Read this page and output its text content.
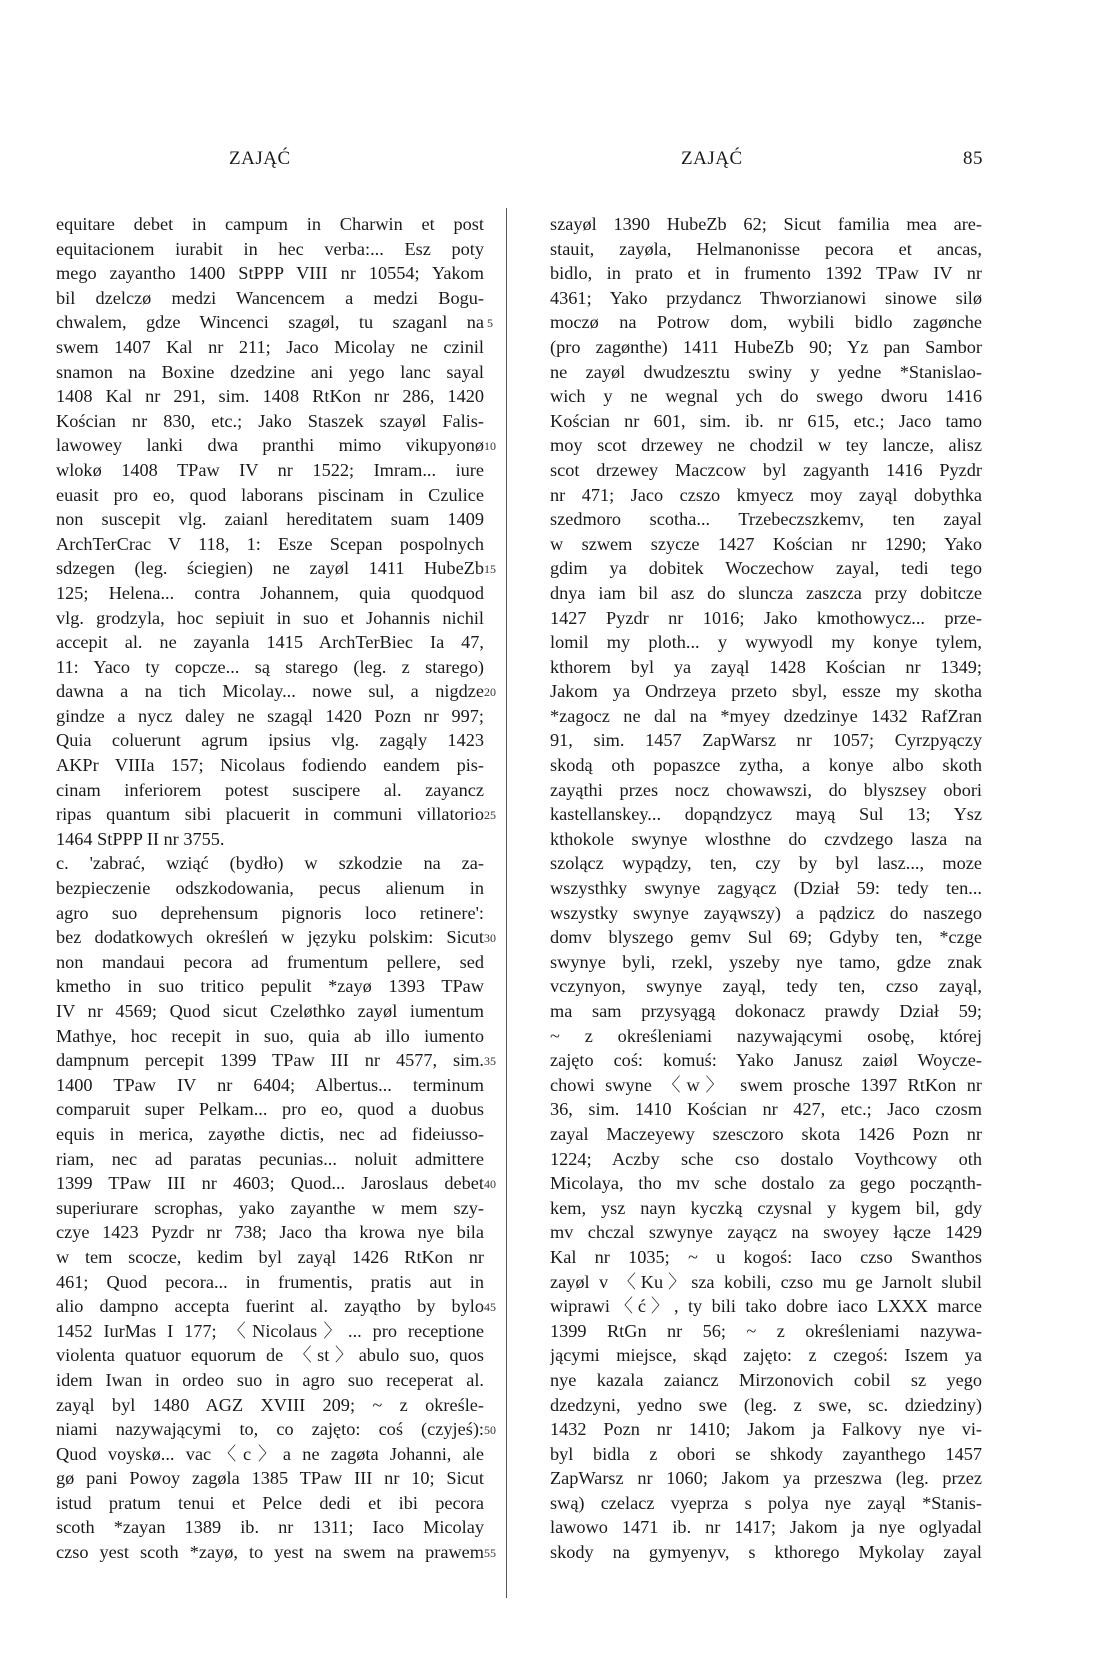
ZAJĄĆ	ZAJĄĆ	85

equitare debet in campum in Charwin et post

equitacionem iurabit in hec verba:... Esz poty

mego zayantho 1400 StPPP VIII nr 10554; Yakom

bil dzelczø medzi Wancencem a medzi Bogu-

chwalem, gdze Wincenci szagøl, tu szaganl na

swem 1407 Kal nr 211; Jaco Micolay ne czinil

snamon na Boxine dzedzine ani yego lanc sayal

1408 Kal nr 291, sim. 1408 RtKon nr 286, 1420

Kościan nr 830, etc.; Jako Staszek szayøl Falis-

lawowey lanki dwa pranthi mimo vikupyonø

wlokø 1408 TPaw IV nr 1522; Imram... iure

euasit pro eo, quod laborans piscinam in Czulice

non suscepit vlg. zaianl hereditatem suam 1409

ArchTerCrac V 118, 1: Esze Scepan pospolnych

sdzegen (leg. ściegien) ne zayøl 1411 HubeZb

125; Helena... contra Johannem, quia quodquod

vlg. grodzyla, hoc sepiuit in suo et Johannis nichil

accepit al. ne zayanla 1415 ArchTerBiec Ia 47,

11: Yaco ty copcze... są starego (leg. z starego)

dawna a na tich Micolay... nowe sul, a nigdze

gindze a nycz daley ne szagąl 1420 Pozn nr 997;

Quia coluerunt agrum ipsius vlg. zagąly 1423

AKPr VIIIa 157; Nicolaus fodiendo eandem pis-

cinam inferiorem potest suscipere al. zayancz

ripas quantum sibi placuerit in communi villatorio

1464 StPPP II nr 3755.

c. 'zabrać, wziąć (bydło) w szkodzie na za-

bezpieczenie odszkodowania, pecus alienum in

agro suo deprehensum pignoris loco retinere':

bez dodatkowych określeń w języku polskim: Sicut

non mandaui pecora ad frumentum pellere, sed

kmetho in suo tritico pepulit *zayø 1393 TPaw

IV nr 4569; Quod sicut Czeløthko zayøl iumentum

Mathye, hoc recepit in suo, quia ab illo iumento

dampnum percepit 1399 TPaw III nr 4577, sim.

1400 TPaw IV nr 6404; Albertus... terminum

comparuit super Pelkam... pro eo, quod a duobus

equis in merica, zayøthe dictis, nec ad fideiusso-

riam, nec ad paratas pecunias... noluit admittere

1399 TPaw III nr 4603; Quod... Jaroslaus debet

superiurare scrophas, yako zayanthe w mem szy-

czye 1423 Pyzdr nr 738; Jaco tha krowa nye bila

w tem scocze, kedim byl zayąl 1426 RtKon nr

461; Quod pecora... in frumentis, pratis aut in

alio dampno accepta fuerint al. zayątho by bylo

1452 IurMas I 177; 〈Nicolaus〉... pro receptione

violenta quatuor equorum de 〈st〉abulo suo, quos

idem Iwan in ordeo suo in agro suo receperat al.

zayąl byl 1480 AGZ XVIII 209; ~ z określe-

niami nazywającymi to, co zajęto: coś (czyjeś):

Quod voyskø... vac〈c〉a ne zagøta Johanni, ale

gø pani Powoy zagøla 1385 TPaw III nr 10; Sicut

istud pratum tenui et Pelce dedi et ibi pecora

scoth *zayan 1389 ib. nr 1311; Iaco Micolay

czso yest scoth *zayø, to yest na swem na prawem

5
10
15
20
25
30
35
40
45
50
55

szayøl 1390 HubeZb 62; Sicut familia mea are-

stauit, zayøla, Helmanonisse pecora et ancas,

bidlo, in prato et in frumento 1392 TPaw IV nr

4361; Yako przydancz Thworzianowi sinowe silø

moczø na Potrow dom, wybili bidlo zagønche

(pro zagønthe) 1411 HubeZb 90; Yz pan Sambor

ne zayøl dwudzesztu swiny y yedne *Stanislao-

wich y ne wegnal ych do swego dworu 1416

Kościan nr 601, sim. ib. nr 615, etc.; Jaco tamo

moy scot drzewey ne chodzil w tey lancze, alisz

scot drzewey Maczcow byl zagyanth 1416 Pyzdr

nr 471; Jaco czszo kmyecz moy zayąl dobythka

szedmoro scotha... Trzebeczszkemv, ten zayal

w szwem szycze 1427 Kościan nr 1290; Yako

gdim ya dobitek Woczechow zayal, tedi tego

dnya iam bil asz do sluncza zaszcza przy dobitcze

1427 Pyzdr nr 1016; Jako kmothowycz... prze-

lomil my ploth... y wywyodl my konye tylem,

kthorem byl ya zayąl 1428 Kościan nr 1349;

Jakom ya Ondrzeya przeto sbyl, essze my skotha

*zagocz ne dal na *myey dzedzinye 1432 RafZran

91, sim. 1457 ZapWarsz nr 1057; Cyrzpyączy

skodą oth popaszce zytha, a konye albo skoth

zayąthi przes nocz chowawszi, do blyszsey obori

kastellanskey... dopąndzycz mayą Sul 13; Ysz

kthokole swynye wlosthne do czvdzego lasza na

szolącz wypądzy, ten, czy by byl lasz..., moze

wszysthky swynye zagyącz (Dział 59: tedy ten...

wszystky swynye zayąwszy) a pądzicz do naszego

domv blyszego gemv Sul 69; Gdyby ten, *czge

swynye byli, rzekl, yszeby nye tamo, gdze znak

vczynyon, swynye zayąl, tedy ten, czso zayąl,

ma sam przysyągą dokonacz prawdy Dział 59;

~ z określeniami nazywającymi osobę, której

zajęto coś: komuś: Yako Janusz zaiøl Woycze-

chowi swyne 〈w〉 swem prosche 1397 RtKon nr

36, sim. 1410 Kościan nr 427, etc.; Jaco czosm

zayal Maczeyewy szesczoro skota 1426 Pozn nr

1224; Aczby sche cso dostalo Voythcowy oth

Micolaya, tho mv sche dostalo za gego począnth-

kem, ysz nayn kyczką czysnal y kygem bil, gdy

mv chczal szwynye zayącz na swoyey łącze 1429

Kal nr 1035; ~ u kogoś: Iaco czso Swanthos

zayøl v 〈Ku〉sza kobili, czso mu ge Jarnolt slubil

wiprawi〈ć〉, ty bili tako dobre iaco LXXX marce

1399 RtGn nr 56; ~ z określeniami nazywa-

jącymi miejsce, skąd zajęto: z czegoś: Iszem ya

nye kazala zaiancz Mirzonovich cobil sz yego

dzedzyni, yedno swe (leg. z swe, sc. dziedziny)

1432 Pozn nr 1410; Jakom ja Falkovy nye vi-

byl bidla z obori se shkody zayanthego 1457

ZapWarsz nr 1060; Jakom ya przeszwa (leg. przez

swą) czelacz vyeprza s polya nye zayąl *Stanis-

lawowo 1471 ib. nr 1417; Jakom ja nye oglyadal

skody na gymyenyv, s kthorego Mykolay zayal
